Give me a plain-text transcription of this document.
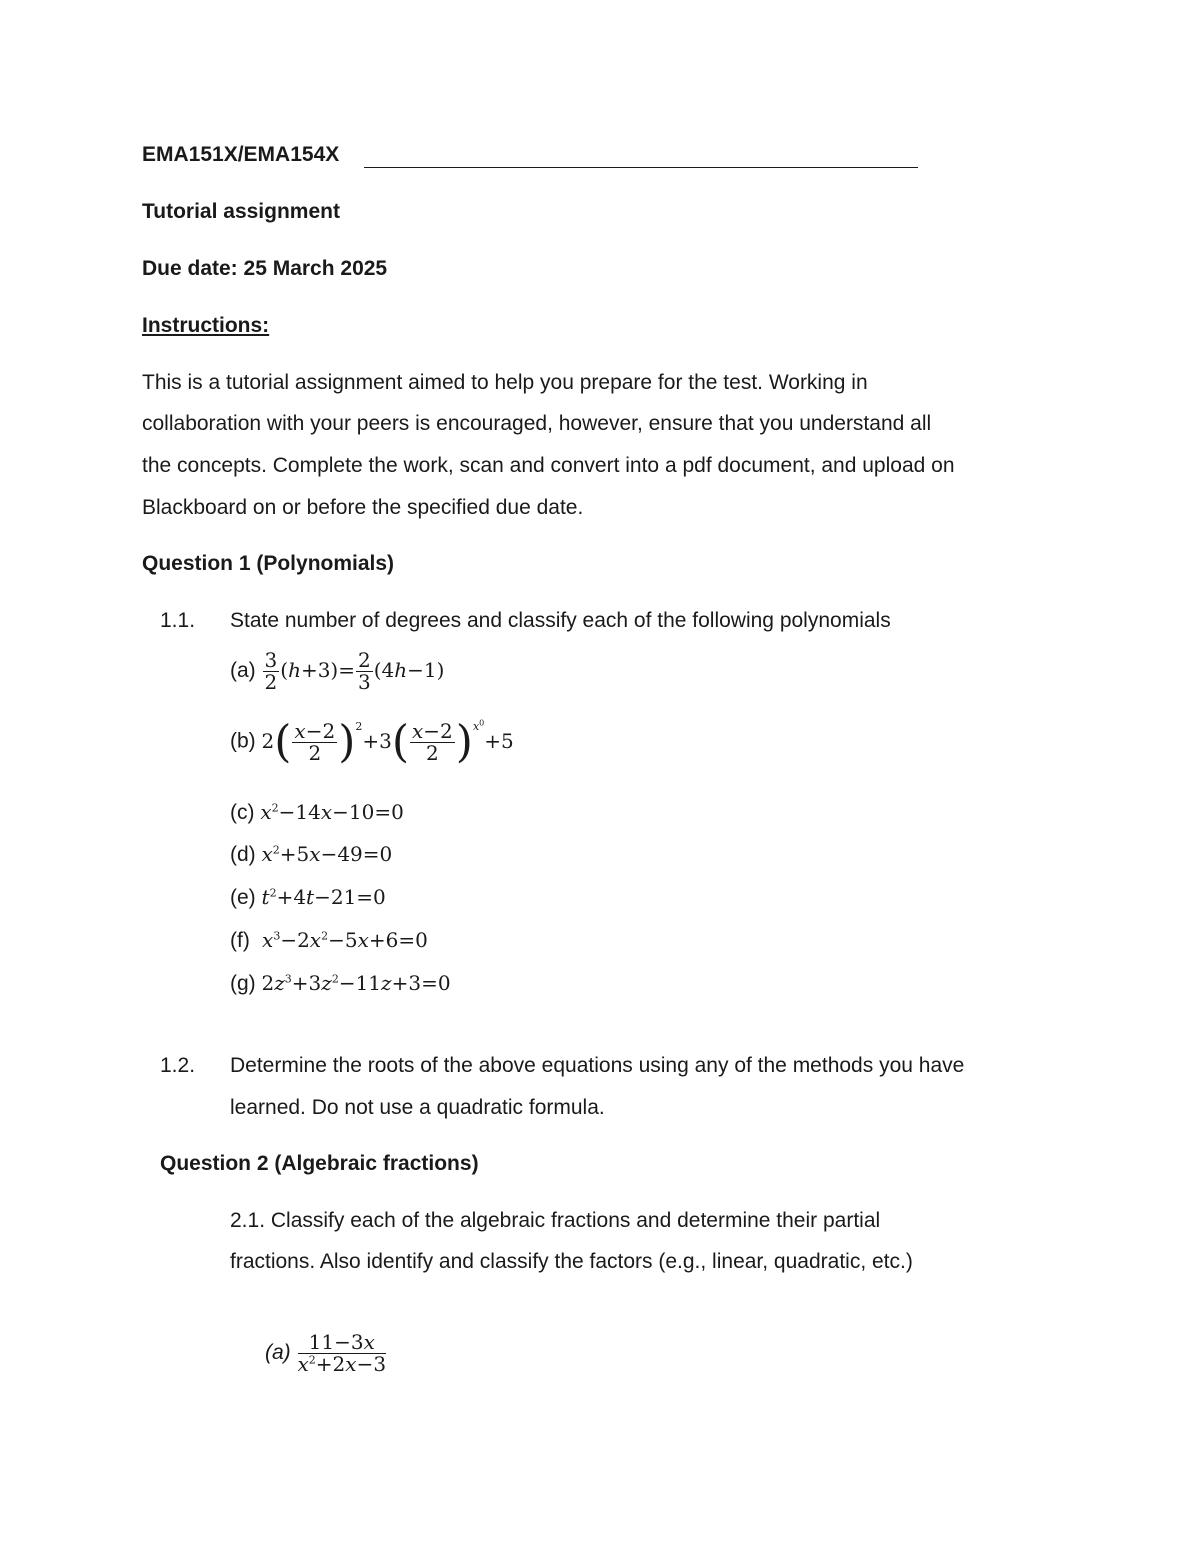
EMA151X/EMA154X
Tutorial assignment
Due date: 25 March 2025
Instructions:
This is a tutorial assignment aimed to help you prepare for the test. Working in
collaboration with your peers is encouraged, however, ensure that you understand all
the concepts. Complete the work, scan and convert into a pdf document, and upload on
Blackboard on or before the specified due date.
Question 1 (Polynomials)
1.1. State number of degrees and classify each of the following polynomials
$(a) \frac{3}{2} (h+3)= \frac{2}{3} (4h-1)$
(b) $2( \frac{x-2}{2} )^2+3( \frac{x-2}{2} )^{x^0}+5$
(c) $x^2-14x-10=0$
(d) $x^2+5x-49=0$
(e) $t^2+4t-21=0$
(f) $x^3-2x^2-5x+6=0$
(g) $2z^3+3z^2-11z+3=0$
1.2. Determine the roots of the above equations using any of the methods you have
learned. Do not use a quadratic formula.
Question 2 (Algebraic fractions)
2.1. Classify each of the algebraic fractions and determine their partial
fractions. Also identify and classify the factors (e.g., linear, quadratic, etc.)
$(a) \frac{11-3x}{x^2+2x-3}$
